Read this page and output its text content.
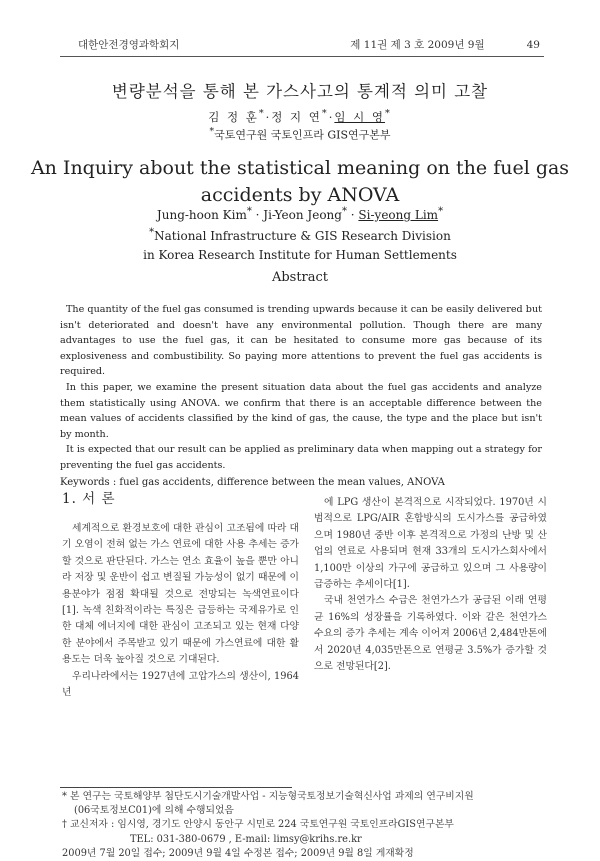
대한안전경영과학회지	제 11권 제 3 호 2009년 9월	49
변량분석을 통해 본 가스사고의 통계적 의미 고찰
김 정 훈*·정 지 연*·임 시 영*
*국토연구원 국토인프라 GIS연구본부
An Inquiry about the statistical meaning on the fuel gas
accidents by ANOVA
Jung-hoon Kim* · Ji-Yeon Jeong* · Si-yeong Lim*
*National Infrastructure & GIS Research Division
in Korea Research Institute for Human Settlements
Abstract

The quantity of the fuel gas consumed is trending upwards because it can be easily delivered but isn't deteriorated and doesn't have any environmental pollution. Though there are many advantages to use the fuel gas, it can be hesitated to consume more gas because of its explosiveness and combustibility. So paying more attentions to prevent the fuel gas accidents is required.

In this paper, we examine the present situation data about the fuel gas accidents and analyze them statistically using ANOVA. we confirm that there is an acceptable difference between the mean values of accidents classified by the kind of gas, the cause, the type and the place but isn't by month.

It is expected that our result can be applied as preliminary data when mapping out a strategy for preventing the fuel gas accidents.

Keywords : fuel gas accidents, difference between the mean values, ANOVA
1. 서 론

세계적으로 환경보호에 대한 관심이 고조됨에 따라 대기 오염이 전혀 없는 가스 연료에 대한 사용 추세는 증가할 것으로 판단된다. 가스는 연소 효율이 높을 뿐만 아니라 저장 및 운반이 쉽고 변질될 가능성이 없기 때문에 이용분야가 점점 확대될 것으로 전망되는 녹색연료이다[1]. 녹색 친화적이라는 특징은 급등하는 국제유가로 인한 대체 에너지에 대한 관심이 고조되고 있는 현재 다양한 분야에서 주목받고 있기 때문에 가스연료에 대한 활용도는 더욱 높아질 것으로 기대된다.

우리나라에서는 1927년에 고압가스의 생산이, 1964년

에 LPG 생산이 본격적으로 시작되었다. 1970년 시범적으로 LPG/AIR 혼합방식의 도시가스를 공급하였으며 1980년 중반 이후 본격적으로 가정의 난방 및 산업의 연료로 사용되며 현재 33개의 도시가스회사에서 1,100만 이상의 가구에 공급하고 있으며 그 사용량이 급증하는 추세이다[1].

국내 천연가스 수급은 천연가스가 공급된 이래 연평균 16%의 성장률을 기록하였다. 이와 같은 천연가스 수요의 증가 추세는 계속 이어져 2006년 2,484만톤에서 2020년 4,035만톤으로 연평균 3.5%가 증가할 것으로 전망된다[2].

* 본 연구는 국토해양부 첨단도시기술개발사업 - 지능형국토정보기술혁신사업 과제의 연구비지원
(06국토정보C01)에 의해 수행되었음
† 교신저자 : 임시영, 경기도 안양시 동안구 시민로 224 국토연구원 국토인프라GIS연구본부
TEL: 031-380-0679 , E-mail: limsy@krihs.re.kr
2009년 7월 20일 접수; 2009년 9월 4일 수정본 접수; 2009년 9월 8일 게재확정
